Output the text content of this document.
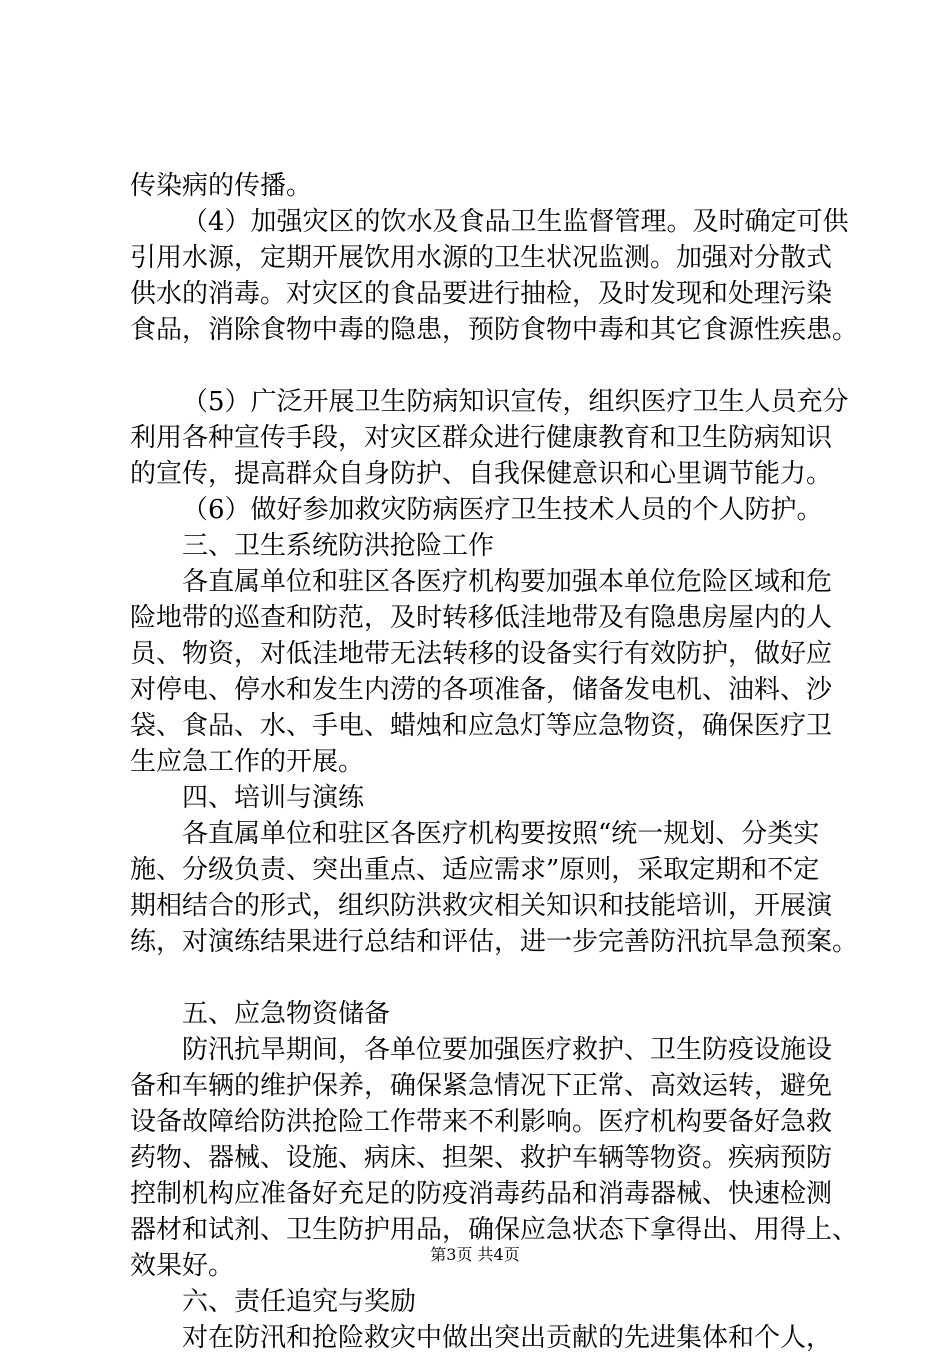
传染病的传播。
（4）加强灾区的饮水及食品卫生监督管理。及时确定可供
引用水源，定期开展饮用水源的卫生状况监测。加强对分散式
供水的消毒。对灾区的食品要进行抽检，及时发现和处理污染
食品，消除食物中毒的隐患，预防食物中毒和其它食源性疾患。
（5）广泛开展卫生防病知识宣传，组织医疗卫生人员充分
利用各种宣传手段，对灾区群众进行健康教育和卫生防病知识
的宣传，提高群众自身防护、自我保健意识和心里调节能力。
（6）做好参加救灾防病医疗卫生技术人员的个人防护。
三、卫生系统防洪抢险工作
各直属单位和驻区各医疗机构要加强本单位危险区域和危
险地带的巡查和防范，及时转移低洼地带及有隐患房屋内的人
员、物资，对低洼地带无法转移的设备实行有效防护，做好应
对停电、停水和发生内涝的各项准备，储备发电机、油料、沙
袋、食品、水、手电、蜡烛和应急灯等应急物资，确保医疗卫
生应急工作的开展。
四、培训与演练
各直属单位和驻区各医疗机构要按照“统一规划、分类实
施、分级负责、突出重点、适应需求”原则，采取定期和不定
期相结合的形式，组织防洪救灾相关知识和技能培训，开展演
练，对演练结果进行总结和评估，进一步完善防汛抗旱急预案。
五、应急物资储备
防汛抗旱期间，各单位要加强医疗救护、卫生防疫设施设
备和车辆的维护保养，确保紧急情况下正常、高效运转，避免
设备故障给防洪抢险工作带来不利影响。医疗机构要备好急救
药物、器械、设施、病床、担架、救护车辆等物资。疾病预防
控制机构应准备好充足的防疫消毒药品和消毒器械、快速检测
器材和试剂、卫生防护用品，确保应急状态下拿得出、用得上、
效果好。
六、责任追究与奖励
对在防汛和抢险救灾中做出突出贡献的先进集体和个人，
第3页 共4页
